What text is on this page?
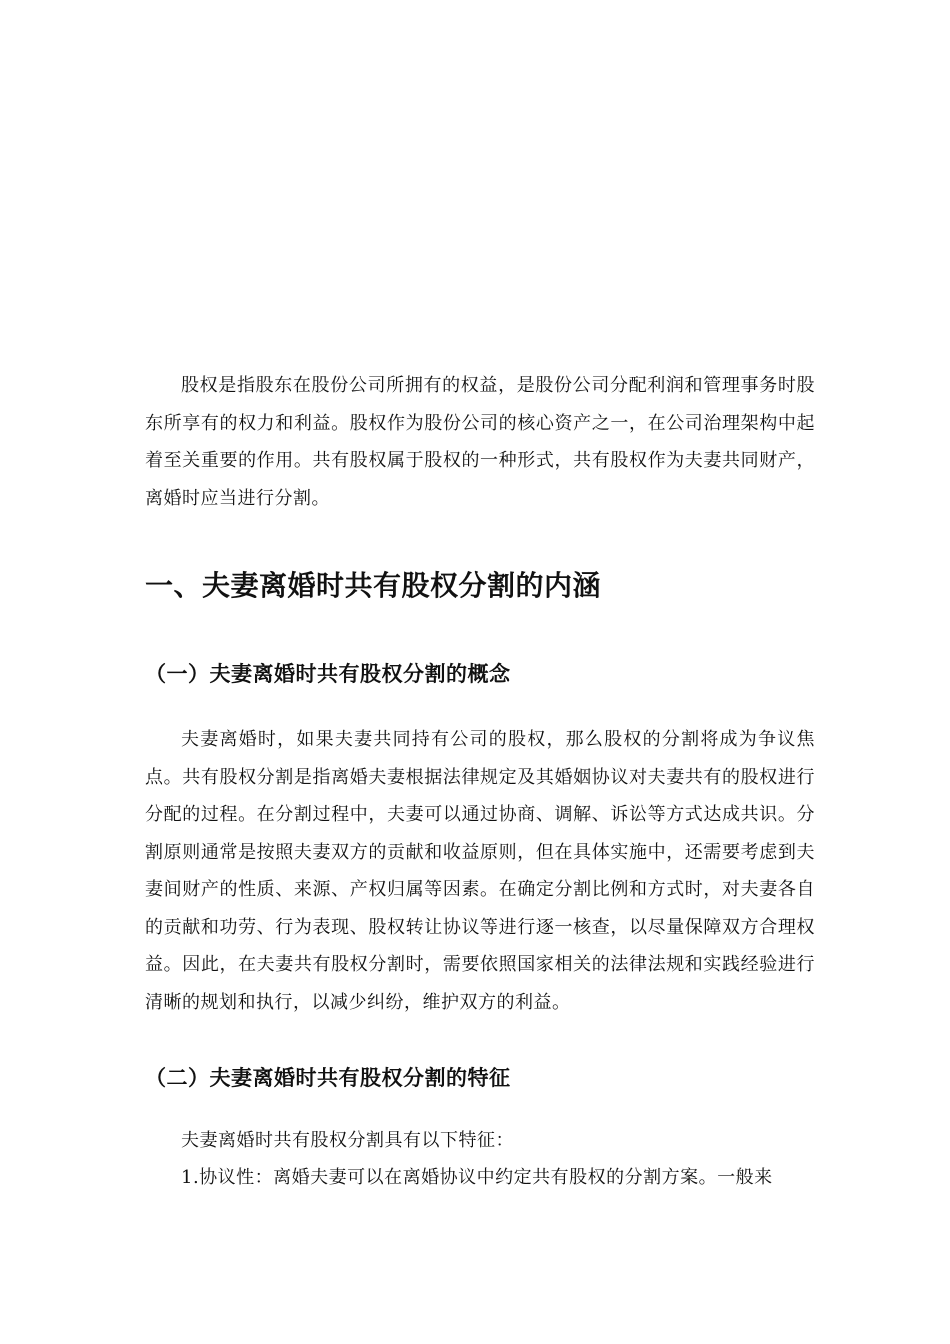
股权是指股东在股份公司所拥有的权益，是股份公司分配利润和管理事务时股东所享有的权力和利益。股权作为股份公司的核心资产之一，在公司治理架构中起着至关重要的作用。共有股权属于股权的一种形式，共有股权作为夫妻共同财产，离婚时应当进行分割。

一、夫妻离婚时共有股权分割的内涵
（一）夫妻离婚时共有股权分割的概念

夫妻离婚时，如果夫妻共同持有公司的股权，那么股权的分割将成为争议焦点。共有股权分割是指离婚夫妻根据法律规定及其婚姻协议对夫妻共有的股权进行分配的过程。在分割过程中，夫妻可以通过协商、调解、诉讼等方式达成共识。分割原则通常是按照夫妻双方的贡献和收益原则，但在具体实施中，还需要考虑到夫妻间财产的性质、来源、产权归属等因素。在确定分割比例和方式时，对夫妻各自的贡献和功劳、行为表现、股权转让协议等进行逐一核查，以尽量保障双方合理权益。因此，在夫妻共有股权分割时，需要依照国家相关的法律法规和实践经验进行清晰的规划和执行，以减少纠纷，维护双方的利益。

（二）夫妻离婚时共有股权分割的特征

夫妻离婚时共有股权分割具有以下特征：

1.协议性：离婚夫妻可以在离婚协议中约定共有股权的分割方案。一般来
